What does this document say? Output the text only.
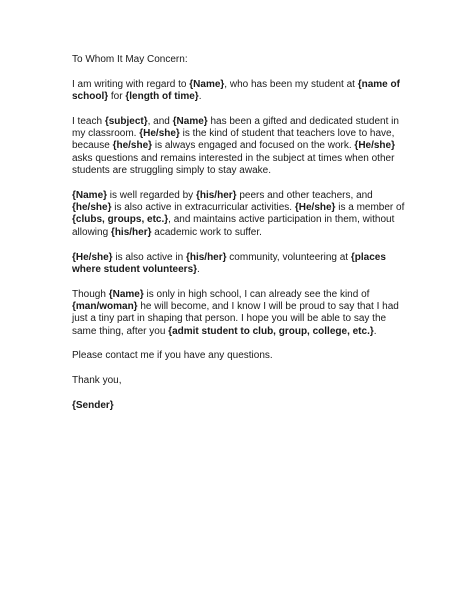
To Whom It May Concern:

I am writing with regard to {Name}, who has been my student at {name of school} for {length of time}.

I teach {subject}, and {Name} has been a gifted and dedicated student in my classroom. {He/she} is the kind of student that teachers love to have, because {he/she} is always engaged and focused on the work. {He/she} asks questions and remains interested in the subject at times when other students are struggling simply to stay awake.

{Name} is well regarded by {his/her} peers and other teachers, and {he/she} is also active in extracurricular activities. {He/she} is a member of {clubs, groups, etc.}, and maintains active participation in them, without allowing {his/her} academic work to suffer.

{He/she} is also active in {his/her} community, volunteering at {places where student volunteers}.

Though {Name} is only in high school, I can already see the kind of {man/woman} he will become, and I know I will be proud to say that I had just a tiny part in shaping that person. I hope you will be able to say the same thing, after you {admit student to club, group, college, etc.}.

Please contact me if you have any questions.

Thank you,

{Sender}
